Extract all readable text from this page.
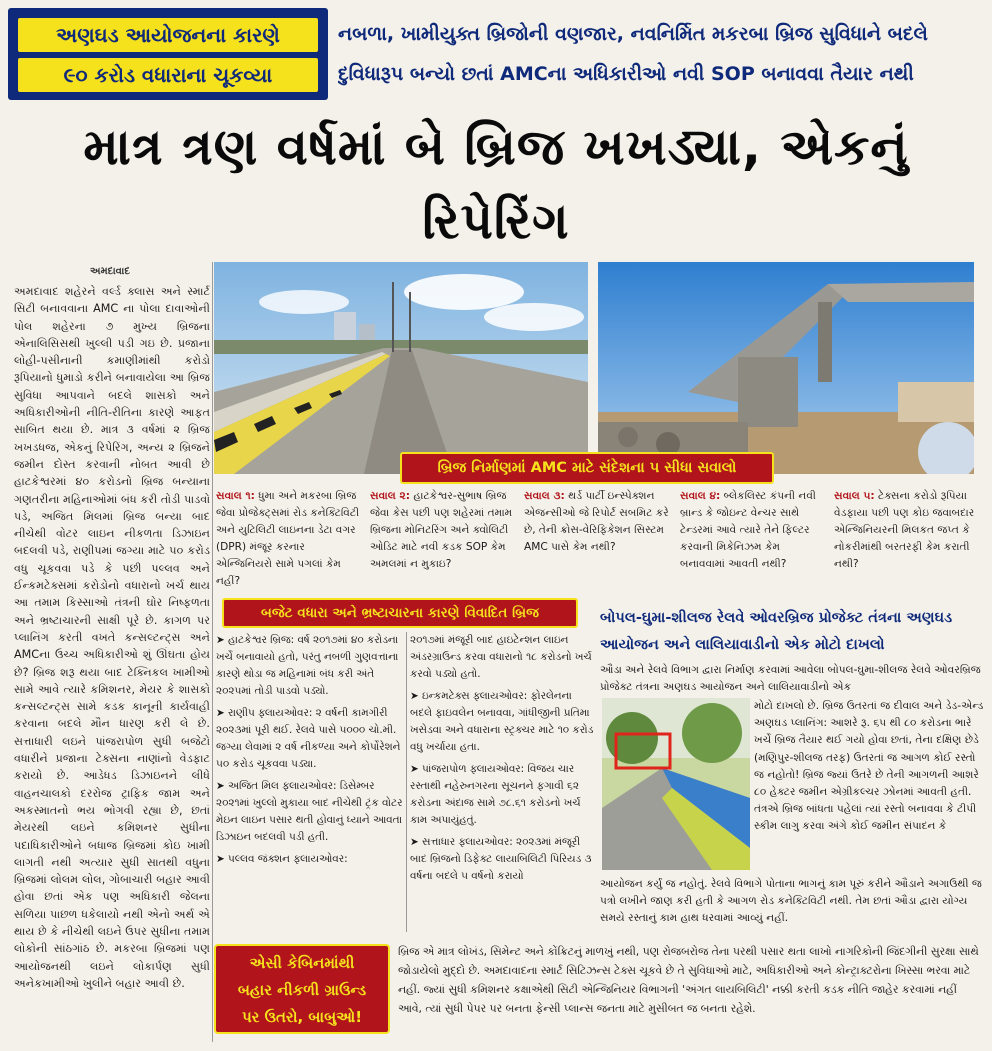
અણઘડ આયોજનના કારણે
૯૦ કરોડ વધારાના ચૂકવ્યા
નબળા, ખામીયુક્ત બ્રિજોની વણજાર, નવનિર્મિત મકરબા બ્રિજ સુવિધાને બદલે
દુવિધારૂપ બન્યો છતાં AMCના અધિકારીઓ નવી SOP બનાવવા તૈયાર નથી
માત્ર ત્રણ વર્ષમાં બે બ્રિજ ખખડ્યા, એકનું રિપેરિંગ
અમદાવાદ
અમદાવાદ શહેરને વર્લ્ડ ક્લાસ અને સ્માર્ટ સિટી બનાવવાના AMC ના પોલા દાવાઓની પોલ શહેરના ૭ મુખ્ય બ્રિજના એનાલિસિસથી ખુલ્લી પડી ગઇ છે. પ્રજાના લોહી-પસીનાની કમાણીમાંથી કરોડો રૂપિયાનો ધુમાડો કરીને બનાવાયેલા આ બ્રિજ સુવિધા આપવાને બદલે શાસકો અને અધિકારીઓની નીતિ-રીતિના કારણે આફત સાબિત થયા છે. માત્ર ૩ વર્ષમાં ૨ બ્રિજ ખખડધજ, એકનું રિપેરિંગ, અન્ય ૨ બ્રિજને જમીન દોસ્ત કરવાની નોબત આવી છે હાટકેશ્વરમાં ૪૦ કરોડનો બ્રિજ બન્યાના ગણતરીના મહિનાઓમાં બંધ કરી તોડી પાડવો પડે, અજિત મિલમાં બ્રિજ બન્યા બાદ નીચેથી વોટર લાઇન નીકળતા ડિઝાઇન બદલવી પડે, રાણીપમાં જગ્યા માટે ૫૦ કરોડ વધુ ચૂકવવા પડે કે પછી પલ્લવ અને ઈન્કમટેક્સમાં કરોડોનો વધારાનો ખર્ચ થાય આ તમામ કિસ્સાઓ તંત્રની ઘોર નિષ્ફળતા અને ભ્રષ્ટાચારની સાક્ષી પૂરે છે. કાગળ પર પ્લાનિંગ કરતી વખતે કન્સલ્ટન્ટ્સ અને AMCના ઉચ્ચ અધિકારીઓ શું ઊંઘતા હોય છે? બ્રિજ શરૂ થયા બાદ ટેક્નિકલ ખામીઓ સામે આવે ત્યારે કમિશનર, મેયર કે શાસકો કન્સલ્ટન્ટ્સ સામે કડક કાનૂની કાર્યવાહી કરવાના બદલે મૌન ધારણ કરી લે છે. સત્તાધારી લઇને પાંજરાપોળ સુધી બજેટો વધારીને પ્રજાના ટેક્સના નાણાંનો વેડફાટ કરાયો છે. આડેધડ ડિઝાઇનને લીધે વાહનચાલકો દરરોજ ટ્રાફિક જામ અને અકસ્માતનો ભય ભોગવી રહ્યા છે, છતાં મેયરથી લઇને કમિશનર સુધીના પદાધિકારીઓને બધાજ બ્રિજમાં કોઇ ખામી લાગતી નથી અત્યાર સુધી સાતથી વધુના બ્રિજમાં લોલમ લોલ, ગોબાચારી બહાર આવી હોવા છતાં એક પણ અધિકારી જેલના સળિયા પાછળ ધકેલાયો નથી એનો અર્થ એ થાય છે કે નીચેથી લઇને ઉપર સુધીના તમામ લોકોની સાંઠગાંઠ છે. મકરબા બ્રિજમાં પણ આયોજનથી લઇને લોકાર્પણ સુધી અનેકખામીઓ ખુલીને બહાર આવી છે.
બ્રિજ નિર્માણમાં AMC માટે સંદેશના ૫ સીધા સવાલો
સવાલ ૧: ધુમા અને મકરબા બ્રિજ જેવા પ્રોજેક્ટ્સમાં રોડ કનેક્ટિવિટી અને યુટિલિટી લાઇનના ડેટા વગર (DPR) મંજૂર કરનાર એન્જિનિયરો સામે પગલાં કેમ નહીં?
સવાલ ૨: હાટકેશ્વર-સુભાષ બ્રિજ જેવા કેસ પછી પણ શહેરમાં તમામ બ્રિજના મોનિટરિંગ અને ક્વોલિટી ઓડિટ માટે નવી કડક SOP કેમ અમલમાં ન મુકાઇ?
સવાલ ૩: થર્ડ પાર્ટી ઇન્સ્પેક્શન એજન્સીઓ જે રિપોર્ટ સબમિટ કરે છે, તેની ક્રોસ-વેરિફિકેશન સિસ્ટમ AMC પાસે કેમ નથી?
સવાલ ૪: બ્લેકલિસ્ટ કંપની નવી બ્રાન્ડ કે જોઇન્ટ વેન્ચર સાથે ટેન્ડરમાં આવે ત્યારે તેને ફિલ્ટર કરવાની મિકેનિઝમ કેમ બનાવવામાં આવતી નથી?
સવાલ ૫: ટેક્સના કરોડો રૂપિયા વેડફાયા પછી પણ કોઇ જવાબદાર એન્જિનિયરની મિલકત જપ્ત કે નોકરીમાંથી બરતરફી કેમ કરાતી નથી?
બજેટ વધારા અને ભ્રષ્ટાચારના કારણે વિવાદિત બ્રિજ
➤ હાટકેશ્વર બ્રિજ: વર્ષ ૨૦૧૭માં ૪૦ કરોડના ખર્ચે બનાવાયો હતો, પરંતુ નબળી ગુણવત્તાના કારણે થોડા જ મહિનામાં બંધ કરી અંતે ૨૦૨૫માં તોડી પાડવો પડ્યો.
➤ રાણીપ ફ્લાયઓવર: ૨ વર્ષની કામગીરી ૨૦૨૩માં પૂરી થઈ. રેલવે પાસે ૫૦૦૦ ચો.મી. જગ્યા લેવામાં ૨ વર્ષ નીકળ્યા અને કોર્પોરેશને ૫૦ કરોડ ચૂકવવા પડ્યા.
➤ અજિત મિલ ફ્લાયઓવર: ડિસેમ્બર ૨૦૨૧માં ખુલ્લો મુકાયા બાદ નીચેથી ટ્રંક વોટર મેઇન લાઇન પસાર થતી હોવાનું ધ્યાને આવતા ડિઝાઇન બદલવી પડી હતી.
➤ પલ્લવ જંક્શન ફ્લાયઓવર:
૨૦૧૭માં મંજૂરી બાદ હાઇટેન્શન લાઇન અંડરગ્રાઉન્ડ કરવા વધારાનો ૧૮ કરોડનો ખર્ચ કરવો પડ્યો હતો.
➤ ઇન્કમટેક્સ ફ્લાયઓવર: ફોરલેનના બદલે ફાઇવલેન બનાવવા, ગાંધીજીની પ્રતિમા ખસેડવા અને વધારાના સ્ટ્રક્ચર માટે ૧૦ કરોડ વધુ ખર્ચાયા હતા.
➤ પાંજરાપોળ ફ્લાયઓવર: વિજય ચાર રસ્તાથી નહેરુનગરના સૂચનને ફગાવી ૬૨ કરોડના અંદાજ સામે ૭૮.૬૧ કરોડનો ખર્ચ કામ અપાયુંહતું.
➤ સત્તાધાર ફ્લાયઓવર: ૨૦૨૩માં મંજૂરી બાદ બ્રિજનો ડિફેક્ટ લાયાબિલિટી પિરિયડ ૩ વર્ષના બદલે ૫ વર્ષનો કરાયો
બોપલ-ઘુમા-શીલજ રેલવે ઓવરબ્રિજ પ્રોજેક્ટ તંત્રના અણઘડ આયોજન અને લાલિયાવાડીનો એક મોટો દાખલો
ઔડા અને રેલવે વિભાગ દ્વારા નિર્માણ કરવામાં આવેલા બોપલ-ઘુમા-શીલજ રેલવે ઓવરબ્રિજ પ્રોજેક્ટ તંત્રના અણઘડ આયોજન અને લાલિયાવાડીનો એક
મોટો દાખલો છે. બ્રિજ ઉતરતાં જ દીવાલ અને ડેડ-એન્ડ અણઘડ પ્લાનિંગ: આશરે રૂ. ૬૫ થી ૮૦ કરોડના ભારે ખર્ચે બ્રિજ તૈયાર થઈ ગયો હોવા છતાં, તેના દક્ષિણ છેડે (મણિપુર-શીલજ તરફ) ઉતરતાં જ આગળ કોઈ રસ્તો જ નહોતો! બ્રિજ જ્યાં ઉતરે છે તેની આગળની આશરે ૮૦ હેક્ટર જમીન એગ્રીકલ્ચર ઝોનમાં આવતી હતી. તંત્રએ બ્રિજ બાંધતા પહેલાં ત્યાં રસ્તો બનાવવા કે ટીપી સ્કીમ લાગુ કરવા અંગે કોઈ જમીન સંપાદન કે
આયોજન કર્યું જ નહોતું. રેલવે વિભાગે પોતાના ભાગનું કામ પૂરું કરીને ઔડાને અગાઉથી જ પત્રો લખીને જાણ કરી હતી કે આગળ રોડ કનેક્ટિવિટી નથી. તેમ છતાં ઔડા દ્વારા યોગ્ય સમયે રસ્તાનું કામ હાથ ધરવામાં આવ્યું નહીં.
એસી કેબિનમાંથી
બહાર નીકળી ગ્રાઉન્ડ
પર ઉતરો, બાબુઓ!
બ્રિજ એ માત્ર લોખંડ, સિમેન્ટ અને કોંક્રિટનું માળખું નથી, પણ રોજબરોજ તેના પરથી પસાર થતા લાખો નાગરિકોની જિંદગીની સુરક્ષા સાથે જોડાયેલો મુદ્દો છે. અમદાવાદના સ્માર્ટ સિટિઝન્સ ટેક્સ ચૂકવે છે તે સુવિધાઓ માટે, અધિકારીઓ અને કોન્ટ્રાક્ટરોના ખિસ્સા ભરવા માટે નહીં. જ્યાં સુધી કમિશનર કક્ષાએથી સિટી એન્જિનિયર વિભાગની 'અંગત લાયબિલિટી' નક્કી કરતી કડક નીતિ જાહેર કરવામાં નહીં આવે, ત્યાં સુધી પેપર પર બનતા ફેન્સી પ્લાન્સ જનતા માટે મુસીબત જ બનતા રહેશે.
